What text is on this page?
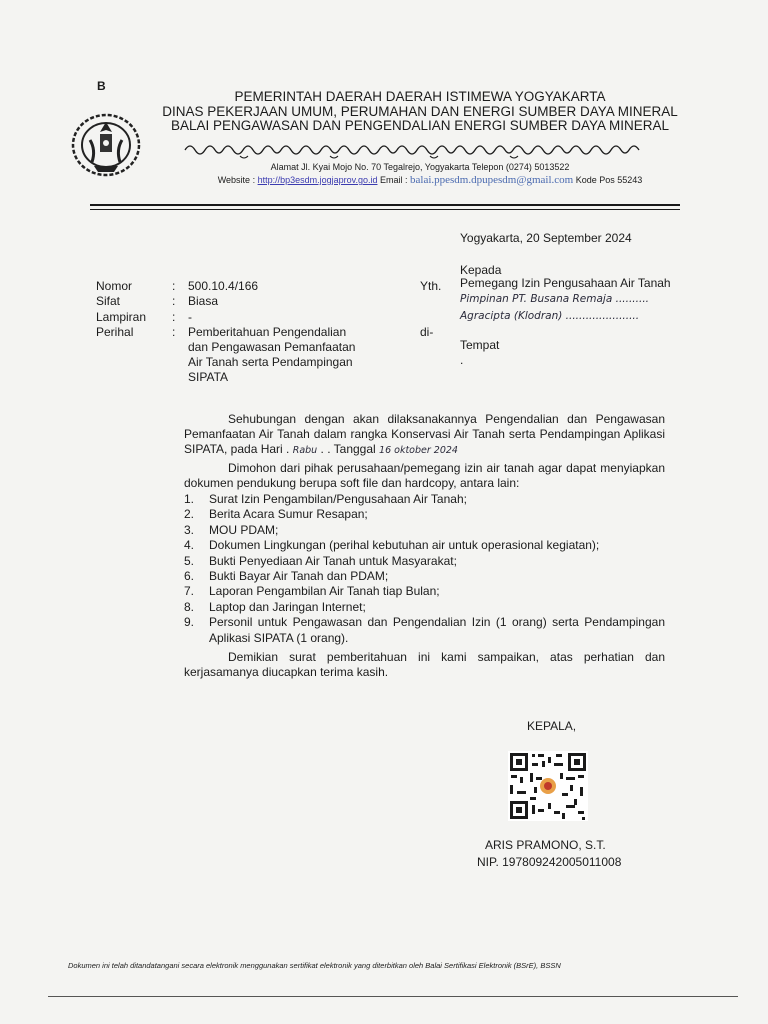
B
PEMERINTAH DAERAH DAERAH ISTIMEWA YOGYAKARTA
DINAS PEKERJAAN UMUM, PERUMAHAN DAN ENERGI SUMBER DAYA MINERAL
BALAI PENGAWASAN DAN PENGENDALIAN ENERGI SUMBER DAYA MINERAL
Alamat Jl. Kyai Mojo No. 70 Tegalrejo, Yogyakarta Telepon (0274) 5013522
Website : http://bp3esdm.jogjaprov.go.id Email : balai.ppesdm.dpupesdm@gmail.com Kode Pos 55243
Yogyakarta, 20 September 2024
Kepada
Yth. Pemegang Izin Pengusahaan Air Tanah
Pimpinan PT. Busana Remaja ..........
Agracipta (Klodran) ......................
di-
Tempat
.
Nomor	: 500.10.4/166
Sifat	: Biasa
Lampiran : -
Perihal	: Pemberitahuan Pengendalian
dan Pengawasan Pemanfaatan
Air Tanah serta Pendampingan
SIPATA
Sehubungan dengan akan dilaksanakannya Pengendalian dan Pengawasan Pemanfaatan Air Tanah dalam rangka Konservasi Air Tanah serta Pendampingan Aplikasi SIPATA, pada Hari . Rabu . . Tanggal 16 oktober 2024
Dimohon dari pihak perusahaan/pemegang izin air tanah agar dapat menyiapkan dokumen pendukung berupa soft file dan hardcopy, antara lain:
1. Surat Izin Pengambilan/Pengusahaan Air Tanah;
2. Berita Acara Sumur Resapan;
3. MOU PDAM;
4. Dokumen Lingkungan (perihal kebutuhan air untuk operasional kegiatan);
5. Bukti Penyediaan Air Tanah untuk Masyarakat;
6. Bukti Bayar Air Tanah dan PDAM;
7. Laporan Pengambilan Air Tanah tiap Bulan;
8. Laptop dan Jaringan Internet;
9. Personil untuk Pengawasan dan Pengendalian Izin (1 orang) serta Pendampingan Aplikasi SIPATA (1 orang).
Demikian surat pemberitahuan ini kami sampaikan, atas perhatian dan kerjasamanya diucapkan terima kasih.
KEPALA,
ARIS PRAMONO, S.T.
NIP. 197809242005011008
Dokumen ini telah ditandatangani secara elektronik menggunakan sertifikat elektronik yang diterbitkan oleh Balai Sertifikasi Elektronik (BSrE), BSSN
